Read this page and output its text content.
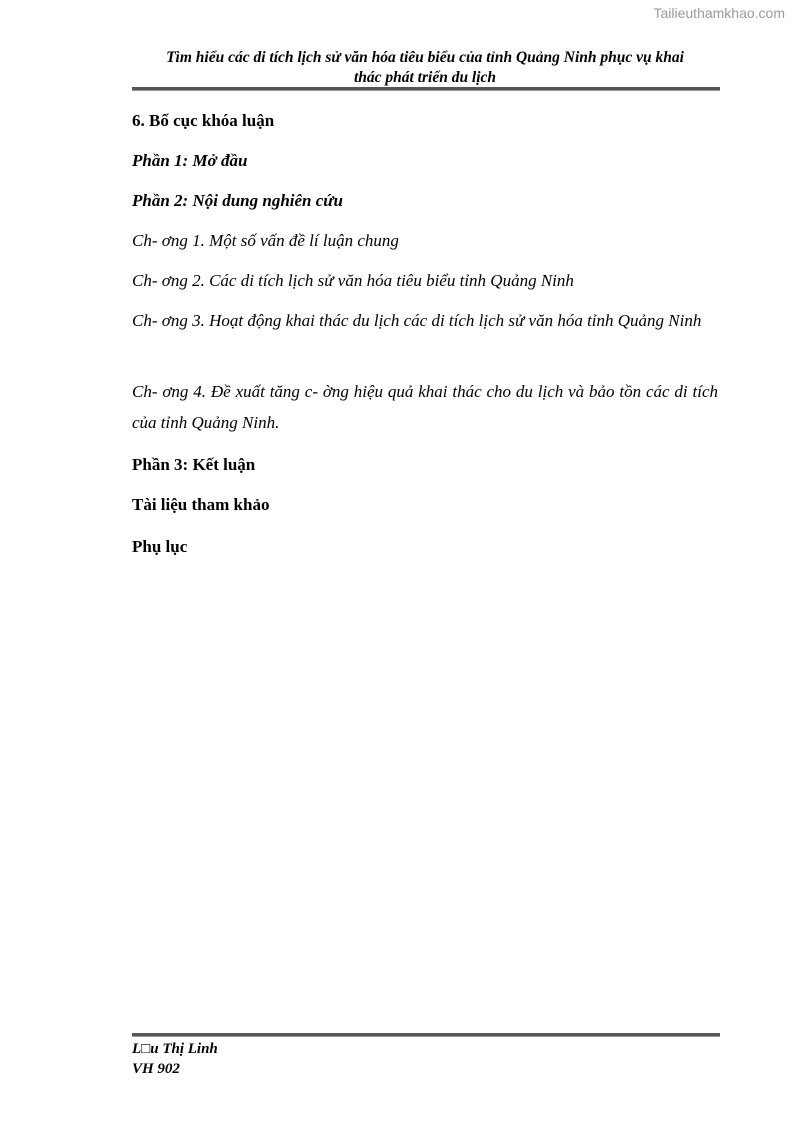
Tailieuthamkhao.com
Tìm hiểu các di tích lịch sử văn hóa tiêu biểu của tỉnh Quảng Ninh phục vụ khai
thác phát triển du lịch
6. Bố cục khóa luận
Phần 1: Mở đầu
Phần 2: Nội dung nghiên cứu
Ch- ơng 1. Một số vấn đề lí luận chung
Ch- ơng 2. Các di tích lịch sử văn hóa tiêu biểu tỉnh Quảng Ninh
Ch- ơng 3. Hoạt động khai thác du lịch các di tích lịch sử văn hóa tỉnh Quảng Ninh
Ch- ơng 4. Đề xuất tăng c- ờng hiệu quả khai thác cho du lịch và bảo tồn các di tích của tỉnh Quảng Ninh.
Phần 3: Kết luận
Tài liệu tham khảo
Phụ lục
L□u Thị Linh
VH 902
